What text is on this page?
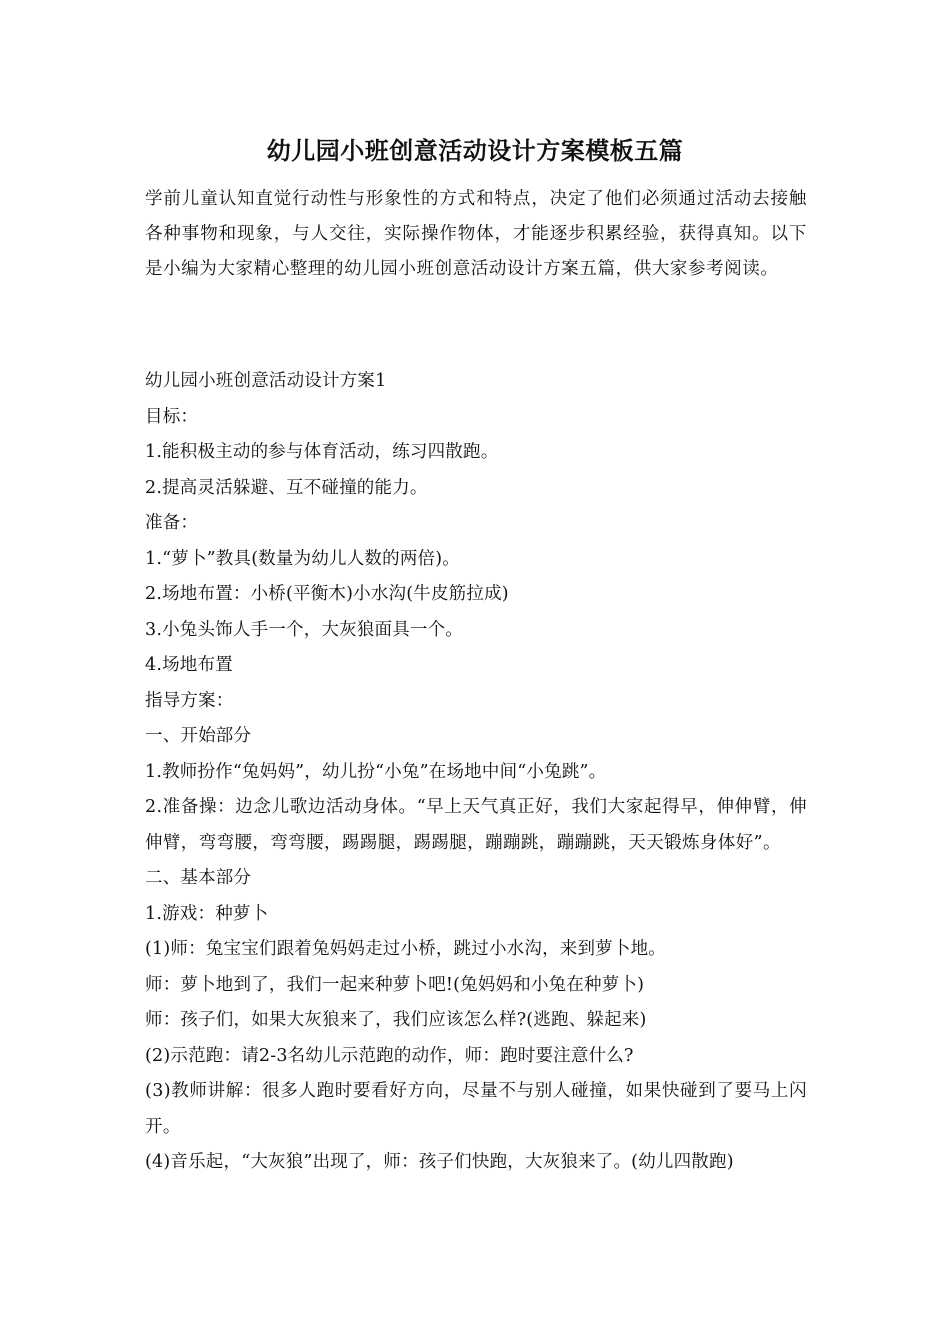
幼儿园小班创意活动设计方案模板五篇

学前儿童认知直觉行动性与形象性的方式和特点，决定了他们必须通过活动去接触各种事物和现象，与人交往，实际操作物体，才能逐步积累经验，获得真知。以下是小编为大家精心整理的幼儿园小班创意活动设计方案五篇，供大家参考阅读。

幼儿园小班创意活动设计方案1

目标：

1.能积极主动的参与体育活动，练习四散跑。

2.提高灵活躲避、互不碰撞的能力。

准备：

1.“萝卜”教具(数量为幼儿人数的两倍)。

2.场地布置：小桥(平衡木)小水沟(牛皮筋拉成)

3.小兔头饰人手一个，大灰狼面具一个。

4.场地布置

指导方案：

一、开始部分

1.教师扮作“兔妈妈”，幼儿扮“小兔”在场地中间“小兔跳”。

2.准备操：边念儿歌边活动身体。“早上天气真正好，我们大家起得早，伸伸臂，伸伸臂，弯弯腰，弯弯腰，踢踢腿，踢踢腿，蹦蹦跳，蹦蹦跳，天天锻炼身体好”。

二、基本部分

1.游戏：种萝卜

(1)师：兔宝宝们跟着兔妈妈走过小桥，跳过小水沟，来到萝卜地。

师：萝卜地到了，我们一起来种萝卜吧!(兔妈妈和小兔在种萝卜)

师：孩子们，如果大灰狼来了，我们应该怎么样?(逃跑、躲起来)

(2)示范跑：请2-3名幼儿示范跑的动作，师：跑时要注意什么?

(3)教师讲解：很多人跑时要看好方向，尽量不与别人碰撞，如果快碰到了要马上闪开。

(4)音乐起，“大灰狼”出现了，师：孩子们快跑，大灰狼来了。(幼儿四散跑)
